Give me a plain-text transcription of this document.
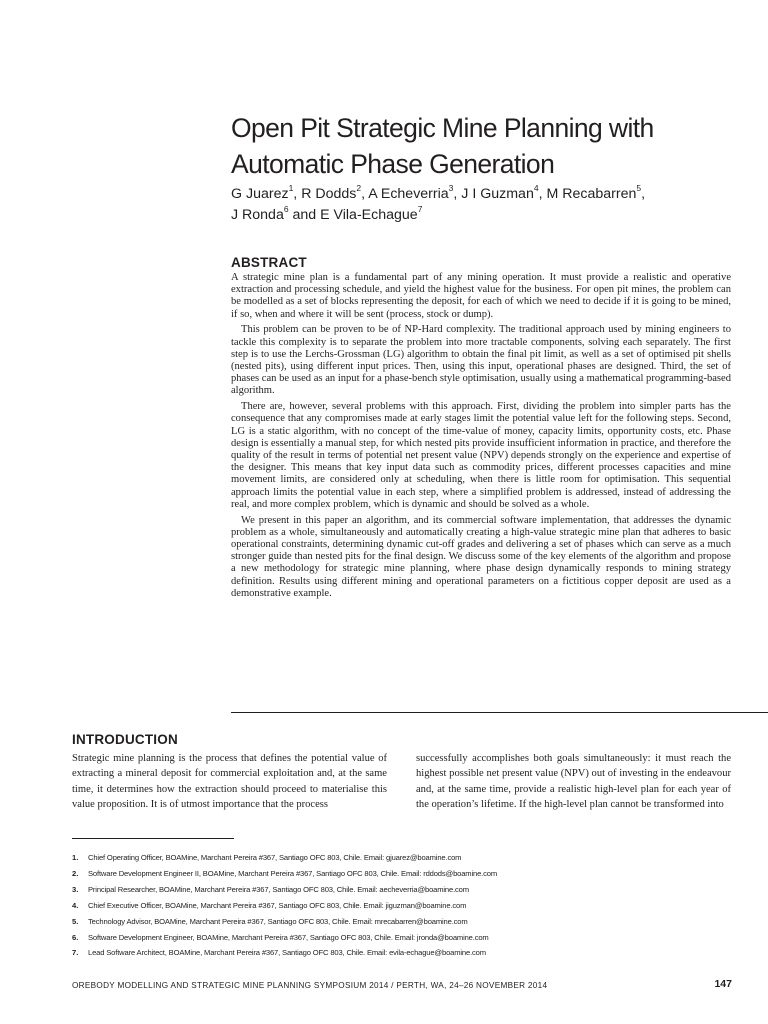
Open Pit Strategic Mine Planning with Automatic Phase Generation
G Juarez$^1$, R Dodds$^2$, A Echeverria$^3$, J I Guzman$^4$, M Recabarren$^5$,
J Ronda$^6$ and E Vila-Echague$^7$
ABSTRACT

A strategic mine plan is a fundamental part of any mining operation. It must provide a realistic and operative extraction and processing schedule, and yield the highest value for the business. For open pit mines, the problem can be modelled as a set of blocks representing the deposit, for each of which we need to decide if it is going to be mined, if so, when and where it will be sent (process, stock or dump).

This problem can be proven to be of NP-Hard complexity. The traditional approach used by mining engineers to tackle this complexity is to separate the problem into more tractable components, solving each separately. The first step is to use the Lerchs-Grossman (LG) algorithm to obtain the final pit limit, as well as a set of optimised pit shells (nested pits), using different input prices. Then, using this input, operational phases are designed. Third, the set of phases can be used as an input for a phase-bench style optimisation, usually using a mathematical programming-based algorithm.

There are, however, several problems with this approach. First, dividing the problem into simpler parts has the consequence that any compromises made at early stages limit the potential value left for the following steps. Second, LG is a static algorithm, with no concept of the time-value of money, capacity limits, opportunity costs, etc. Phase design is essentially a manual step, for which nested pits provide insufficient information in practice, and therefore the quality of the result in terms of potential net present value (NPV) depends strongly on the experience and expertise of the designer. This means that key input data such as commodity prices, different processes capacities and mine movement limits, are considered only at scheduling, when there is little room for optimisation. This sequential approach limits the potential value in each step, where a simplified problem is addressed, instead of addressing the real, and more complex problem, which is dynamic and should be solved as a whole.

We present in this paper an algorithm, and its commercial software implementation, that addresses the dynamic problem as a whole, simultaneously and automatically creating a high-value strategic mine plan that adheres to basic operational constraints, determining dynamic cut-off grades and delivering a set of phases which can serve as a much stronger guide than nested pits for the final design. We discuss some of the key elements of the algorithm and propose a new methodology for strategic mine planning, where phase design dynamically responds to mining strategy definition. Results using different mining and operational parameters on a fictitious copper deposit are used as a demonstrative example.

INTRODUCTION

Strategic mine planning is the process that defines the potential value of extracting a mineral deposit for commercial exploitation and, at the same time, it determines how the extraction should proceed to materialise this value proposition. It is of utmost importance that the process

successfully accomplishes both goals simultaneously: it must reach the highest possible net present value (NPV) out of investing in the endeavour and, at the same time, provide a realistic high-level plan for each year of the operation’s lifetime. If the high-level plan cannot be transformed into

1.	Chief Operating Officer, BOAMine, Marchant Pereira #367, Santiago OFC 803, Chile. Email: gjuarez@boamine.com
2.	Software Development Engineer II, BOAMine, Marchant Pereira #367, Santiago OFC 803, Chile. Email: rddods@boamine.com
3.	Principal Researcher, BOAMine, Marchant Pereira #367, Santiago OFC 803, Chile. Email: aecheverria@boamine.com
4.	Chief Executive Officer, BOAMine, Marchant Pereira #367, Santiago OFC 803, Chile. Email: jiguzman@boamine.com
5.	Technology Advisor, BOAMine, Marchant Pereira #367, Santiago OFC 803, Chile. Email: mrecabarren@boamine.com
6.	Software Development Engineer, BOAMine, Marchant Pereira #367, Santiago OFC 803, Chile. Email: jronda@boamine.com
7.	Lead Software Architect, BOAMine, Marchant Pereira #367, Santiago OFC 803, Chile. Email: evila-echague@boamine.com
OREBODY MODELLING AND STRATEGIC MINE PLANNING SYMPOSIUM 2014 / PERTH, WA, 24–26 NOVEMBER 2014	147
